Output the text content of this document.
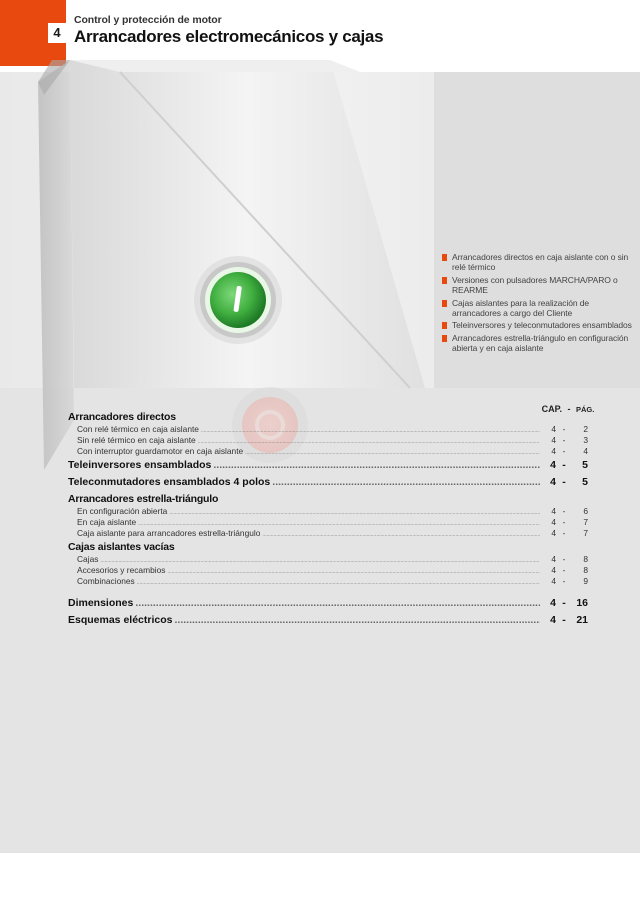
4
Control y protección de motor
Arrancadores electromecánicos y cajas
Arrancadores directos en caja aislante con o sin relé térmico
Versiones con pulsadores MARCHA/PARO o REARME
Cajas aislantes para la realización de arrancadores a cargo del Cliente
Teleinversores y teleconmutadores ensamblados
Arrancadores estrella-triángulo en configuración abierta y en caja aislante
CAP. - PÁG.
Arrancadores directos
Con relé térmico en caja aislante .....	4 -	2
Sin relé térmico en caja aislante .....	4 -	3
Con interruptor guardamotor en caja aislante .....	4 -	4
Teleinversores ensamblados .....	4 -	5
Teleconmutadores ensamblados 4 polos .....	4 -	5
Arrancadores estrella-triángulo
En configuración abierta .....	4 -	6
En caja aislante .....	4 -	7
Caja aislante para arrancadores estrella-triángulo .....	4 -	7
Cajas aislantes vacías
Cajas .....	4 -	8
Accesorios y recambios .....	4 -	8
Combinaciones .....	4 -	9
Dimensiones .....	4 -	16
Esquemas eléctricos .....	4 -	21
